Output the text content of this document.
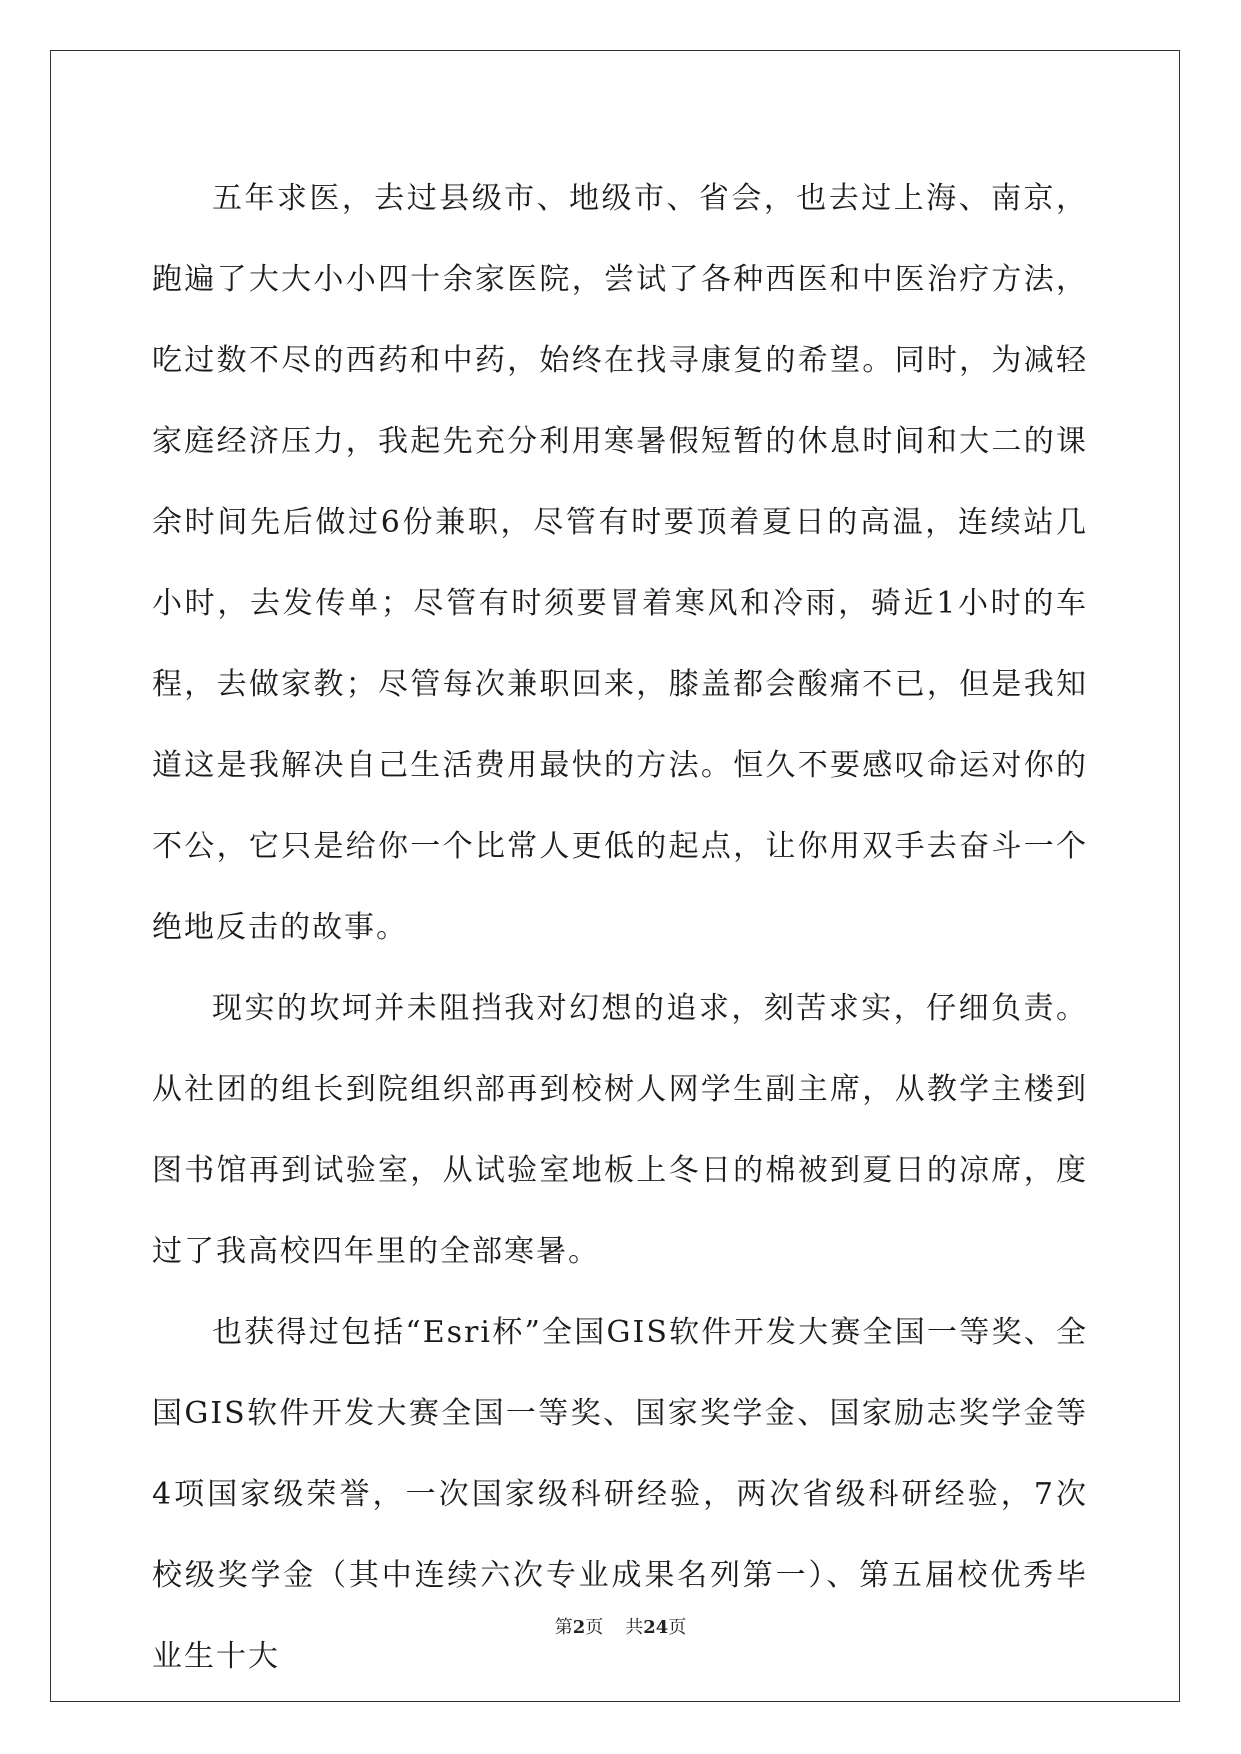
五年求医，去过县级市、地级市、省会，也去过上海、南京，跑遍了大大小小四十余家医院，尝试了各种西医和中医治疗方法，吃过数不尽的西药和中药，始终在找寻康复的希望。同时，为减轻家庭经济压力，我起先充分利用寒暑假短暂的休息时间和大二的课余时间先后做过6份兼职，尽管有时要顶着夏日的高温，连续站几小时，去发传单；尽管有时须要冒着寒风和冷雨，骑近1小时的车程，去做家教；尽管每次兼职回来，膝盖都会酸痛不已，但是我知道这是我解决自己生活费用最快的方法。恒久不要感叹命运对你的不公，它只是给你一个比常人更低的起点，让你用双手去奋斗一个绝地反击的故事。

现实的坎坷并未阻挡我对幻想的追求，刻苦求实，仔细负责。从社团的组长到院组织部再到校树人网学生副主席，从教学主楼到图书馆再到试验室，从试验室地板上冬日的棉被到夏日的凉席，度过了我高校四年里的全部寒暑。

也获得过包括“Esri杯”全国GIS软件开发大赛全国一等奖、全国GIS软件开发大赛全国一等奖、国家奖学金、国家励志奖学金等4项国家级荣誉，一次国家级科研经验，两次省级科研经验，7次校级奖学金（其中连续六次专业成果名列第一）、第五届校优秀毕业生十大

第2页 共24页
